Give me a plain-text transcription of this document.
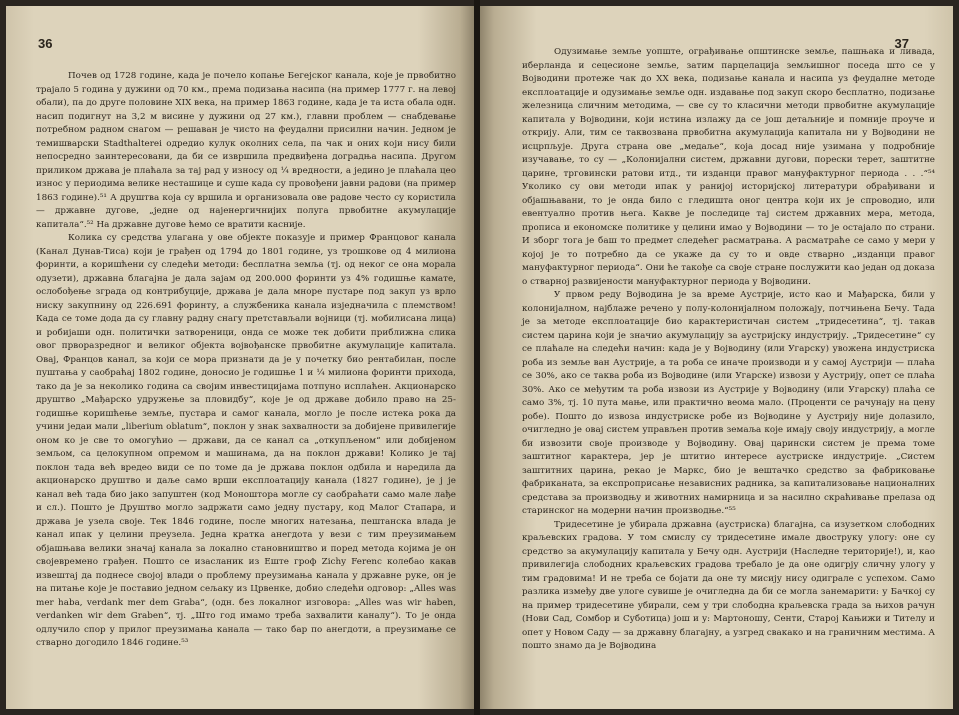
36

Почев од 1728 године, када је почело копање Бегејског канала, које је првобитно трајало 5 година у дужини од 70 км., према подизања насипа (на пример 1777 г. на левој обали), па до друге половине XIX века, на пример 1863 године, када је та иста обала одн. насип подигнут на 3,2 м висине у дужини од 27 км.), главни проблем — снабдевање потребном радном снагом — решаван је чисто на феудални присилни начин. Једном је темишварски Stadthalterei одредио кулук околних села, па чак и оних који нису били непосредно заинтересовани, да би се извршила предвиђена доградња насипа. Другом приликом држава је плаћала за тај рад у износу од ¼ вредности, а једино је плаћала цео износ у периодима велике несташице и суше када су провођени јавни радови (на пример 1863 године).⁵¹ А друштва која су вршила и организовала ове радове често су користила — државне дугове, „једне од најенергичнијих полуга првобитне акумулације капитала“.⁵² На државне дугове ћемо се вратити касније.

Колика су средства улагана у ове објекте показује и пример Францовог канала (Канал Дунав-Тиса) који је грађен од 1794 до 1801 године, уз трошкове од 4 милиона форинти, а коришћени су следећи методи: бесплатна земља (тј. од неког се она морала одузети), државна благајна је дала зајам од 200.000 форинти уз 4% годишње камате, ослобођење зграда од контрибуције, држава је дала мноре пустаре под закуп уз врло ниску закупнину од 226.691 форинту, а службеника канала изједначила с племством! Када се томе дода да су главну радну снагу претстављали војници (тј. мобилисана лица) и робијаши одн. политички затвореници, онда се може тек добити приближна слика овог прворазредног и великог објекта војвођанске првобитне акумулације капитала. Овај, Францов канал, за који се мора признати да је у почетку био рентабилан, после пуштања у саобраћај 1802 године, доносио је годишње 1 и ¼ милиона форинти прихода, тако да је за неколико година са својим инвестицијама потпуно исплаћен. Акционарско друштво „Мађарско удружење за пловидбу“, које је од државе добило право на 25-годишње коришћење земље, пустара и самог канала, могло је после истека рока да учини једаи мали „liberium oblatum“, поклон у знак захвалности за добијене привилегије оном ко је све то омогућио — држави, да се канал са „откупљеном“ или добијеном земљом, са целокупном опремом и машинама, да на поклон држави! Колико је тај поклон тада већ вредео види се по томе да је држава поклон одбила и наредила да акционарско друштво и даље само врши експлоатацију канала (1827 године), је ј је канал већ тада био јако запуштен (код Моноштора могле су саобраћати само мале лађе и сл.). Пошто је Друштво могло задржати само једну пустару, код Малог Стапара, и држава је узела своје. Тек 1846 године, после многих натезања, пештанска влада је канал ипак у целини преузела. Једна кратка анегдота у вези с тим преузимањем објашњава велики значај канала за локално становништво и поред метода којима је он својевремено грађен. Пошто се изасланик из Еште гроф Zichy Ferenc колебао какав извештај да поднесе својој влади о проблему преузимања канала у државне руке, он је на питање које је поставио једном сељаку из Црвенке, добио следећи одговор: „Alles was mer haba, verdank mer dem Graba“, (одн. без локалног изговора: „Alles was wir haben, verdanken wir dem Graben“, тј. „Што год имамо треба захвалити каналу“). То је онда одлучило спор у прилог преузимања канала — тако бар по анегдоти, а преузимање се стварно догодило 1846 године.⁵³

37

Одузимање земље уопште, ограђивање општинске земље, пашњака и ливада, иберланда и сецесионе земље, затим парцелација земљишног поседа што се у Војводини протеже чак до XX века, подизање канала и насипа уз феудалне методе експлоатације и одузимање земље одн. издавање под закуп скоро бесплатно, подизање железница сличним методима, — све су то класични методи првобитне акумулације капитала у Војводини, који истина излажу да се још детаљније и помније проуче и открију. Али, тим се таквозвана првобитна акумулација капитала ни у Војводини не исцрпљује. Друга страна ове „медаље“, која досад није узимана у подробније изучавање, то су — „Колонијални систем, државни дугови, порески терет, заштитне царине, трговински ратови итд., ти изданци правог мануфактурног периода . . .“⁵⁴ Уколико су ови методи ипак у ранијој историјској литератури обрађивани и објашњавани, то је онда било с гледишта оног центра који их је спроводио, или евентуално против њега. Какве је последице тај систем државних мера, метода, прописа и економске политике у целини имао у Војводини — то је остајало по страни. И зборг тога је баш то предмет следећег расматрања. А расматраће се само у мери у којој је то потребно да се укаже да су то и овде стварно „изданци правог мануфактурног периода“. Они ће такође са своје стране послужити као један од доказа о стварној развијености мануфактурног периода у Војводини.

У првом реду Војводина је за време Аустрије, исто као и Мађарска, били у колонијалном, најблаже речено у полу-колонијалном положају, потчињена Бечу. Тада је за методе експлоатације био карактеристичан систем „тридесетина“, тј. такав систем царина који је значио акумулацију за аустријску индустрију. „Тридесетине“ су се плаћале на следећи начин: када је у Војводину (или Угарску) увожена индустриска роба из земље ван Аустрије, а та роба се иначе производи и у самој Аустрији — плаћа се 30%, ако се таква роба из Војводине (или Угарске) извози у Аустрију, опет се плаћа 30%. Ако се међутим та роба извози из Аустрије у Војводину (или Угарску) плаћа се само 3%, тј. 10 пута мање, или практично веома мало. (Проценти се рачунају на цену робе). Пошто до извоза индустриске робе из Војводине у Аустрију није долазило, очигледно је овај систем управљен против земаља које имају своју индустрију, а могле би извозити своје производе у Војводину. Овај царински систем је према томе заштитног карактера, јер је штитио интересе аустриске индустрије. „Систем заштитних царина, рекао је Маркс, био је вештачко средство за фабриковање фабриканата, за експроприсање независних радника, за капитализовање националних средстава за производњу и животних намирница и за насилно скраћивање прелаза од старинског на модерни начин производње.“⁵⁵

Тридесетине је убирала државна (аустриска) благајна, са изузетком слободних краљевских градова. У том смислу су тридесетине имале двоструку улогу: оне су средство за акумулацију капитала у Бечу одн. Аустрији (Наследне територије!), и, као привилегија слободних краљевских градова требало је да оне одигрју сличну улогу у тим градовима! И не треба се бојати да оне ту мисију нису одиграле с успехом. Само разлика између две улоге сувише је очигледна да би се могла занемарити: у Бачкој су на пример тридесетине убирали, сем у три слободна краљевска града за њихов рачун (Нови Сад, Сомбор и Суботица) још и у: Мартоношу, Сенти, Старој Кањижи и Тителу и опет у Новом Саду — за државну благајну, а узгред свакако и на граничним местима. А пошто знамо да је Војводина
